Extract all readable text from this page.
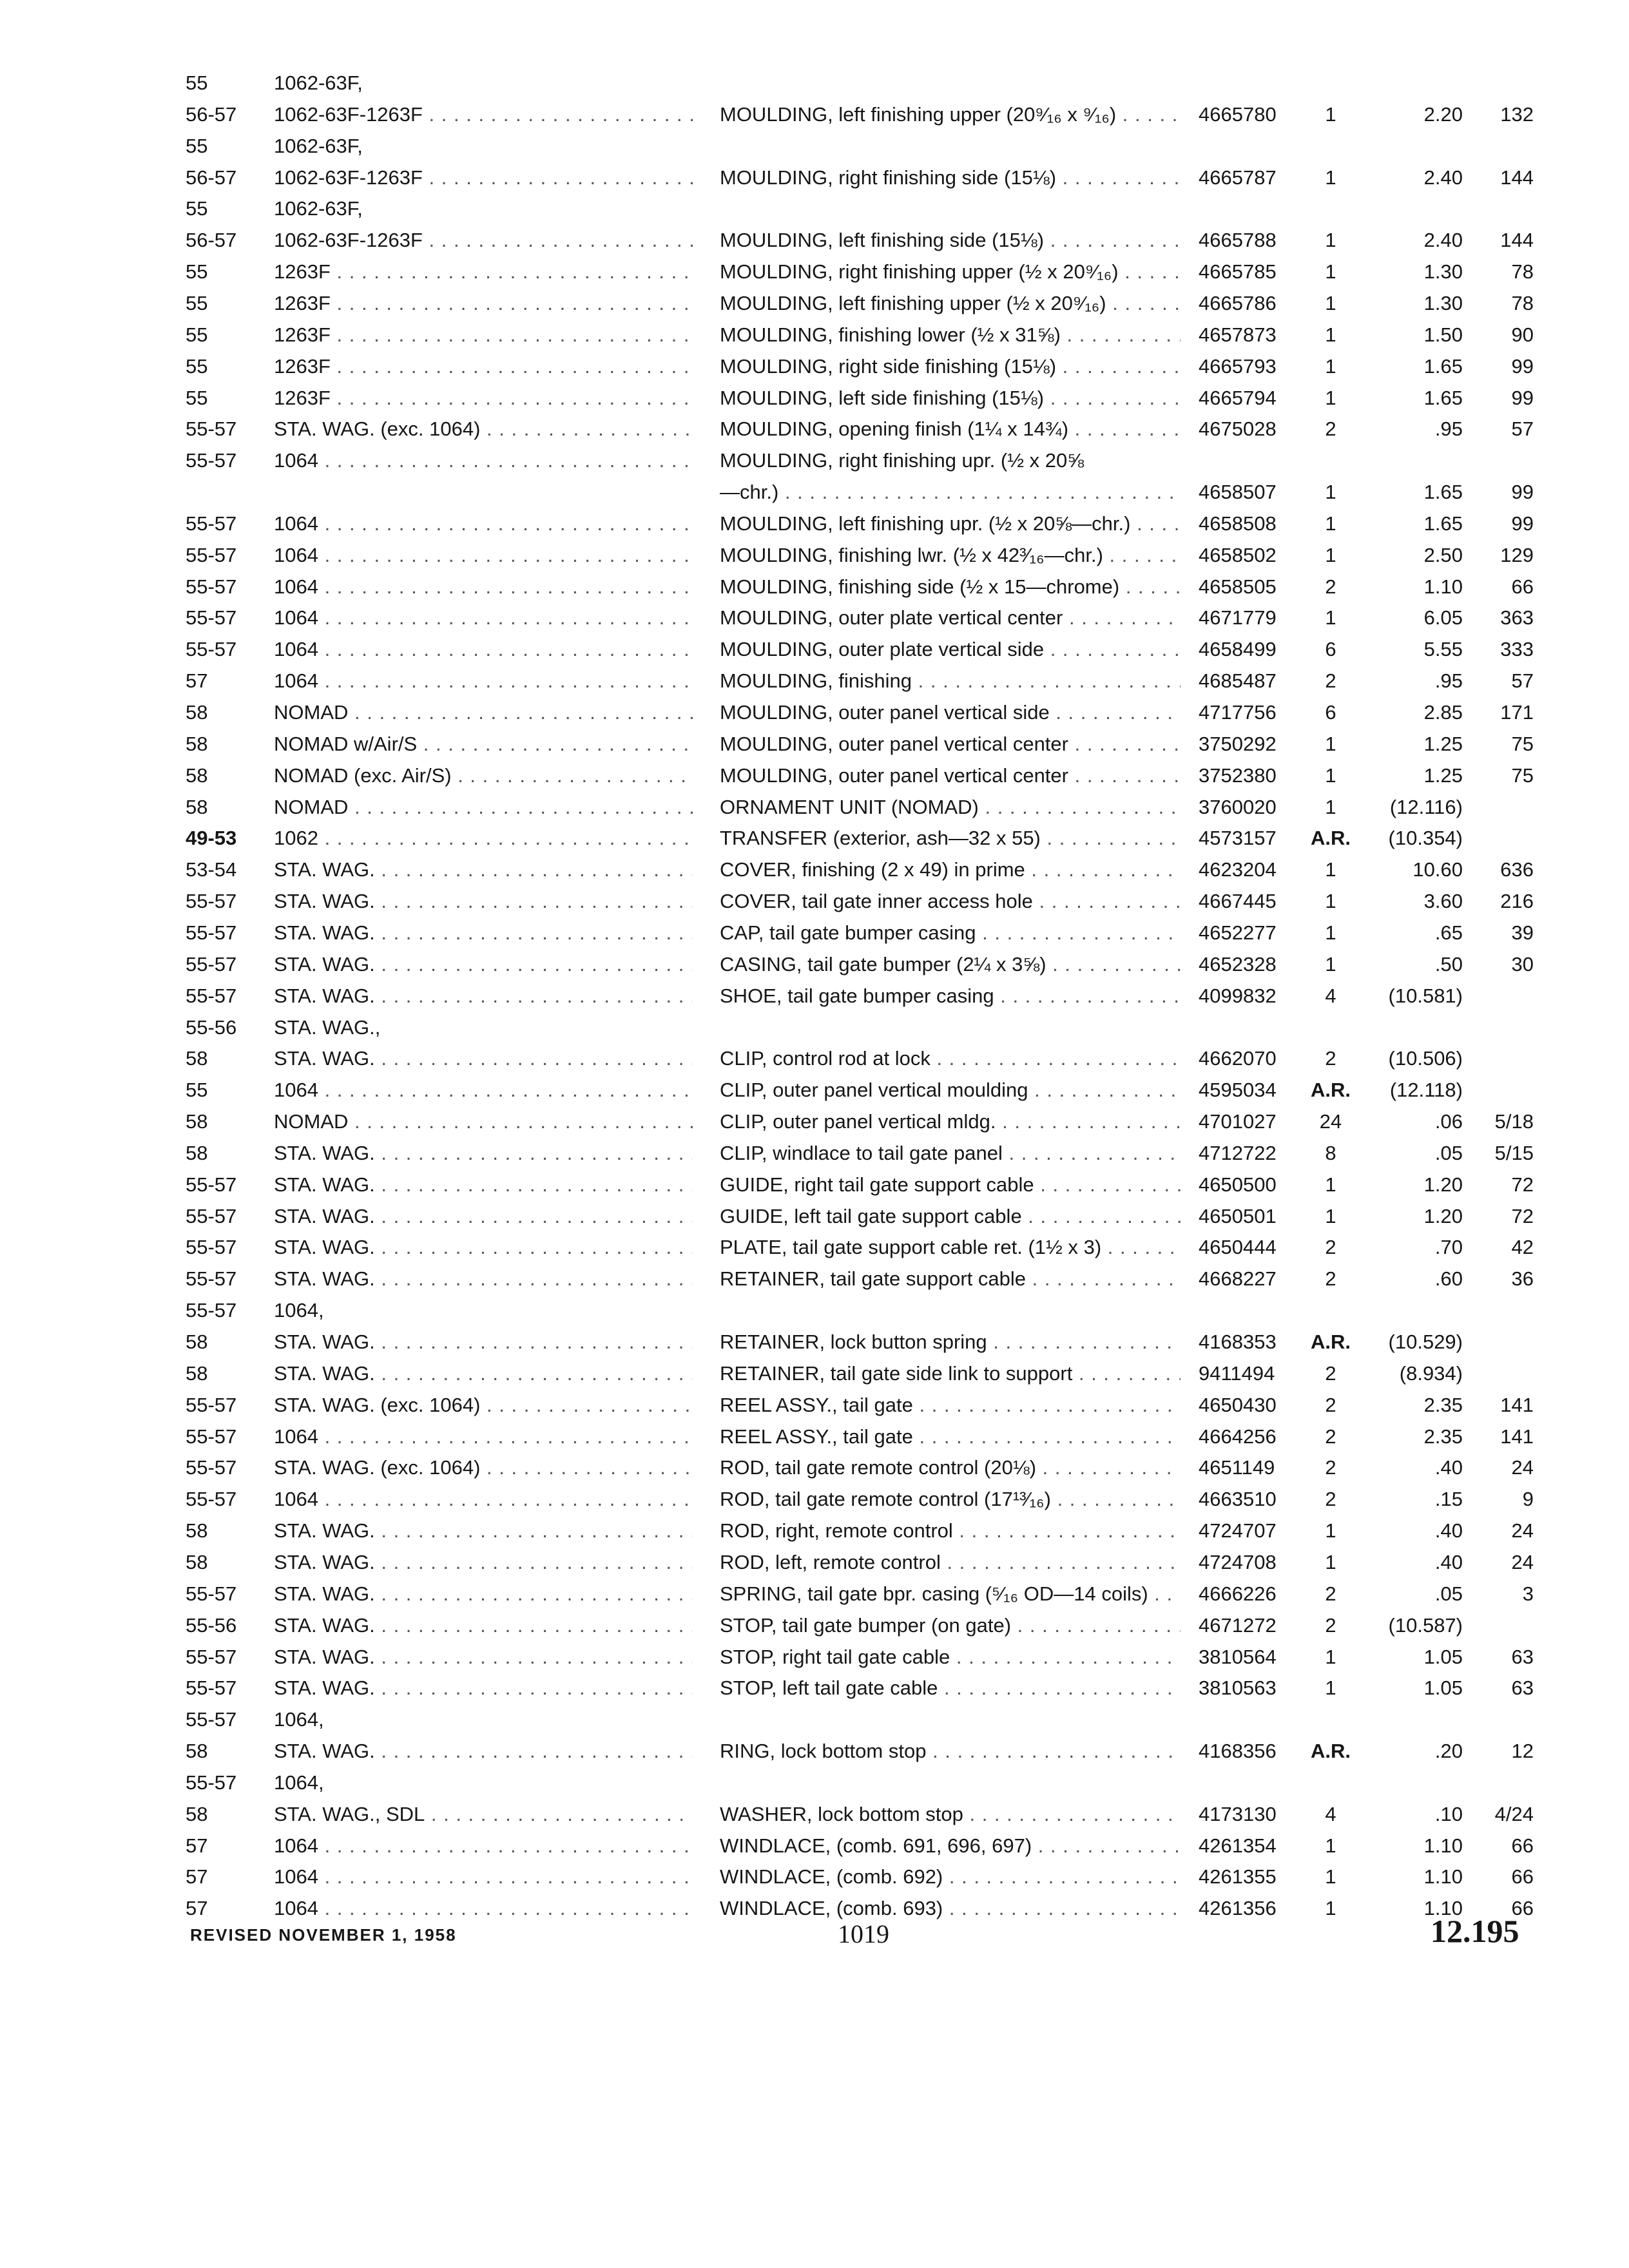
55	1062-63F,
56-57	1062-63F-1263F . . .	MOULDING, left finishing upper (20⁹⁄₁₆ x ⁹⁄₁₆) . . .	4665780	1	2.20	132
55	1062-63F,
56-57	1062-63F-1263F . . .	MOULDING, right finishing side (15⅛) . . .	4665787	1	2.40	144
55	1062-63F,
56-57	1062-63F-1263F . . .	MOULDING, left finishing side (15⅛) . . .	4665788	1	2.40	144
55	1263F . . .	MOULDING, right finishing upper (½ x 20⁹⁄₁₆) . . .	4665785	1	1.30	78
55	1263F . . .	MOULDING, left finishing upper (½ x 20⁹⁄₁₆) . . .	4665786	1	1.30	78
55	1263F . . .	MOULDING, finishing lower (½ x 31⅝) . . .	4657873	1	1.50	90
55	1263F . . .	MOULDING, right side finishing (15⅛) . . .	4665793	1	1.65	99
55	1263F . . .	MOULDING, left side finishing (15⅛) . . .	4665794	1	1.65	99
55-57	STA. WAG. (exc. 1064) . . .	MOULDING, opening finish (1¼ x 14¾) . . .	4675028	2	.95	57
55-57	1064 . . .	MOULDING, right finishing upr. (½ x 20⅝
—chr.) . . .	4658507	1	1.65	99
55-57	1064 . . .	MOULDING, left finishing upr. (½ x 20⅝—chr.) . . .	4658508	1	1.65	99
55-57	1064 . . .	MOULDING, finishing lwr. (½ x 42³⁄₁₆—chr.) . . .	4658502	1	2.50	129
55-57	1064 . . .	MOULDING, finishing side (½ x 15—chrome) . . .	4658505	2	1.10	66
55-57	1064 . . .	MOULDING, outer plate vertical center . . .	4671779	1	6.05	363
55-57	1064 . . .	MOULDING, outer plate vertical side . . .	4658499	6	5.55	333
57	1064 . . .	MOULDING, finishing . . .	4685487	2	.95	57
58	NOMAD . . .	MOULDING, outer panel vertical side . . .	4717756	6	2.85	171
58	NOMAD w/Air/S . . .	MOULDING, outer panel vertical center . . .	3750292	1	1.25	75
58	NOMAD (exc. Air/S) . . .	MOULDING, outer panel vertical center . . .	3752380	1	1.25	75
58	NOMAD . . .	ORNAMENT UNIT (NOMAD) . . .	3760020	1	(12.116)
49-53	1062 . . .	TRANSFER (exterior, ash—32 x 55) . . .	4573157	A.R.	(10.354)
53-54	STA. WAG. . . .	COVER, finishing (2 x 49) in prime . . .	4623204	1	10.60	636
55-57	STA. WAG. . . .	COVER, tail gate inner access hole . . .	4667445	1	3.60	216
55-57	STA. WAG. . . .	CAP, tail gate bumper casing . . .	4652277	1	.65	39
55-57	STA. WAG. . . .	CASING, tail gate bumper (2¼ x 3⅝) . . .	4652328	1	.50	30
55-57	STA. WAG. . . .	SHOE, tail gate bumper casing . . .	4099832	4	(10.581)
55-56	STA. WAG.,
58	STA. WAG. . . .	CLIP, control rod at lock . . .	4662070	2	(10.506)
55	1064 . . .	CLIP, outer panel vertical moulding . . .	4595034	A.R.	(12.118)
58	NOMAD . . .	CLIP, outer panel vertical mldg. . . .	4701027	24	.06	5/18
58	STA. WAG. . . .	CLIP, windlace to tail gate panel . . .	4712722	8	.05	5/15
55-57	STA. WAG. . . .	GUIDE, right tail gate support cable . . .	4650500	1	1.20	72
55-57	STA. WAG. . . .	GUIDE, left tail gate support cable . . .	4650501	1	1.20	72
55-57	STA. WAG. . . .	PLATE, tail gate support cable ret. (1½ x 3) . . .	4650444	2	.70	42
55-57	STA. WAG. . . .	RETAINER, tail gate support cable . . .	4668227	2	.60	36
55-57	1064,
58	STA. WAG. . . .	RETAINER, lock button spring . . .	4168353	A.R.	(10.529)
58	STA. WAG. . . .	RETAINER, tail gate side link to support . . .	9411494	2	(8.934)
55-57	STA. WAG. (exc. 1064) . . .	REEL ASSY., tail gate . . .	4650430	2	2.35	141
55-57	1064 . . .	REEL ASSY., tail gate . . .	4664256	2	2.35	141
55-57	STA. WAG. (exc. 1064) . . .	ROD, tail gate remote control (20⅛) . . .	4651149	2	.40	24
55-57	1064 . . .	ROD, tail gate remote control (17¹³⁄₁₆) . . .	4663510	2	.15	9
58	STA. WAG. . . .	ROD, right, remote control . . .	4724707	1	.40	24
58	STA. WAG. . . .	ROD, left, remote control . . .	4724708	1	.40	24
55-57	STA. WAG. . . .	SPRING, tail gate bpr. casing (⁵⁄₁₆ OD—14 coils) . . .	4666226	2	.05	3
55-56	STA. WAG. . . .	STOP, tail gate bumper (on gate) . . .	4671272	2	(10.587)
55-57	STA. WAG. . . .	STOP, right tail gate cable . . .	3810564	1	1.05	63
55-57	STA. WAG. . . .	STOP, left tail gate cable . . .	3810563	1	1.05	63
55-57	1064,
58	STA. WAG. . . .	RING, lock bottom stop . . .	4168356	A.R.	.20	12
55-57	1064,
58	STA. WAG., SDL . . .	WASHER, lock bottom stop . . .	4173130	4	.10	4/24
57	1064 . . .	WINDLACE, (comb. 691, 696, 697) . . .	4261354	1	1.10	66
57	1064 . . .	WINDLACE, (comb. 692) . . .	4261355	1	1.10	66
57	1064 . . .	WINDLACE, (comb. 693) . . .	4261356	1	1.10	66
REVISED NOVEMBER 1, 1958	1019	12.195
